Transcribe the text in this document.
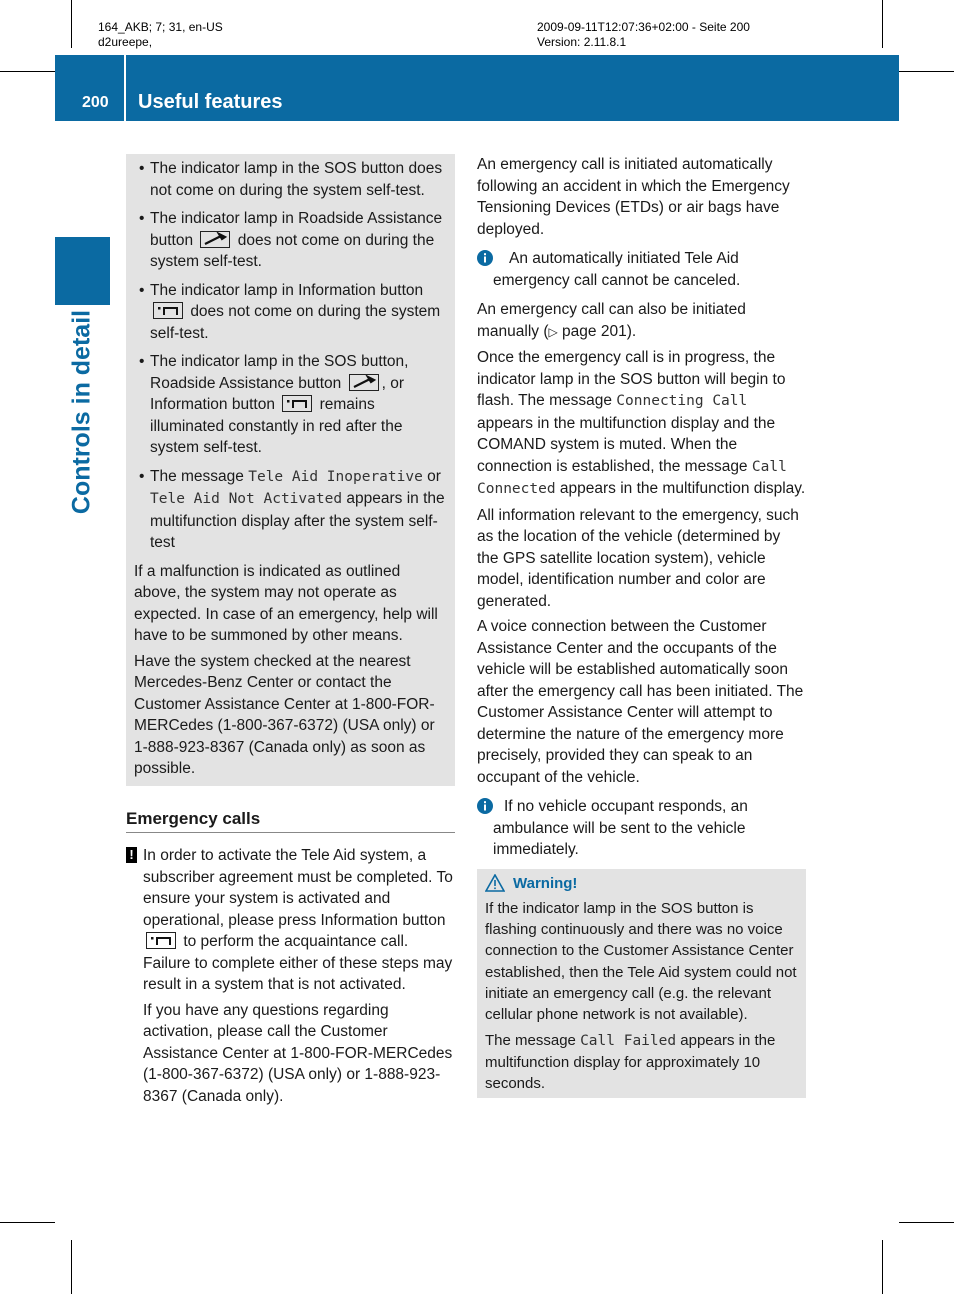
164_AKB; 7; 31, en-US
d2ureepe,
2009-09-11T12:07:36+02:00 - Seite 200
Version: 2.11.8.1
200 Useful features
Controls in detail
• The indicator lamp in the SOS button does not come on during the system self-test.
• The indicator lamp in Roadside Assistance button	does not come on during the system self-test.
• The indicator lamp in Information button
does not come on during the system self-test.
• The indicator lamp in the SOS button, Roadside Assistance button	, or Information button	remains illuminated constantly in red after the system self-test.
• The message Tele Aid Inoperative or Tele Aid Not Activated appears in the multifunction display after the system self-test

If a malfunction is indicated as outlined above, the system may not operate as expected. In case of an emergency, help will have to be summoned by other means.

Have the system checked at the nearest Mercedes-Benz Center or contact the Customer Assistance Center at 1-800-FOR-MERCedes (1-800-367-6372) (USA only) or 1-888-923-8367 (Canada only) as soon as possible.

Emergency calls
! In order to activate the Tele Aid system, a subscriber agreement must be completed. To ensure your system is activated and operational, please press Information button
to perform the acquaintance call. Failure to complete either of these steps may result in a system that is not activated.

If you have any questions regarding activation, please call the Customer Assistance Center at 1-800-FOR-MERCedes (1-800-367-6372) (USA only) or 1-888-923-8367 (Canada only).

An emergency call is initiated automatically following an accident in which the Emergency Tensioning Devices (ETDs) or air bags have deployed.

An automatically initiated Tele Aid emergency call cannot be canceled.

An emergency call can also be initiated manually (▷ page 201).

Once the emergency call is in progress, the indicator lamp in the SOS button will begin to flash. The message Connecting Call appears in the multifunction display and the COMAND system is muted. When the connection is established, the message Call Connected appears in the multifunction display.

All information relevant to the emergency, such as the location of the vehicle (determined by the GPS satellite location system), vehicle model, identification number and color are generated.

A voice connection between the Customer Assistance Center and the occupants of the vehicle will be established automatically soon after the emergency call has been initiated. The Customer Assistance Center will attempt to determine the nature of the emergency more precisely, provided they can speak to an occupant of the vehicle.

If no vehicle occupant responds, an ambulance will be sent to the vehicle immediately.
Warning!

If the indicator lamp in the SOS button is flashing continuously and there was no voice connection to the Customer Assistance Center established, then the Tele Aid system could not initiate an emergency call (e.g. the relevant cellular phone network is not available).

The message Call Failed appears in the multifunction display for approximately 10 seconds.
